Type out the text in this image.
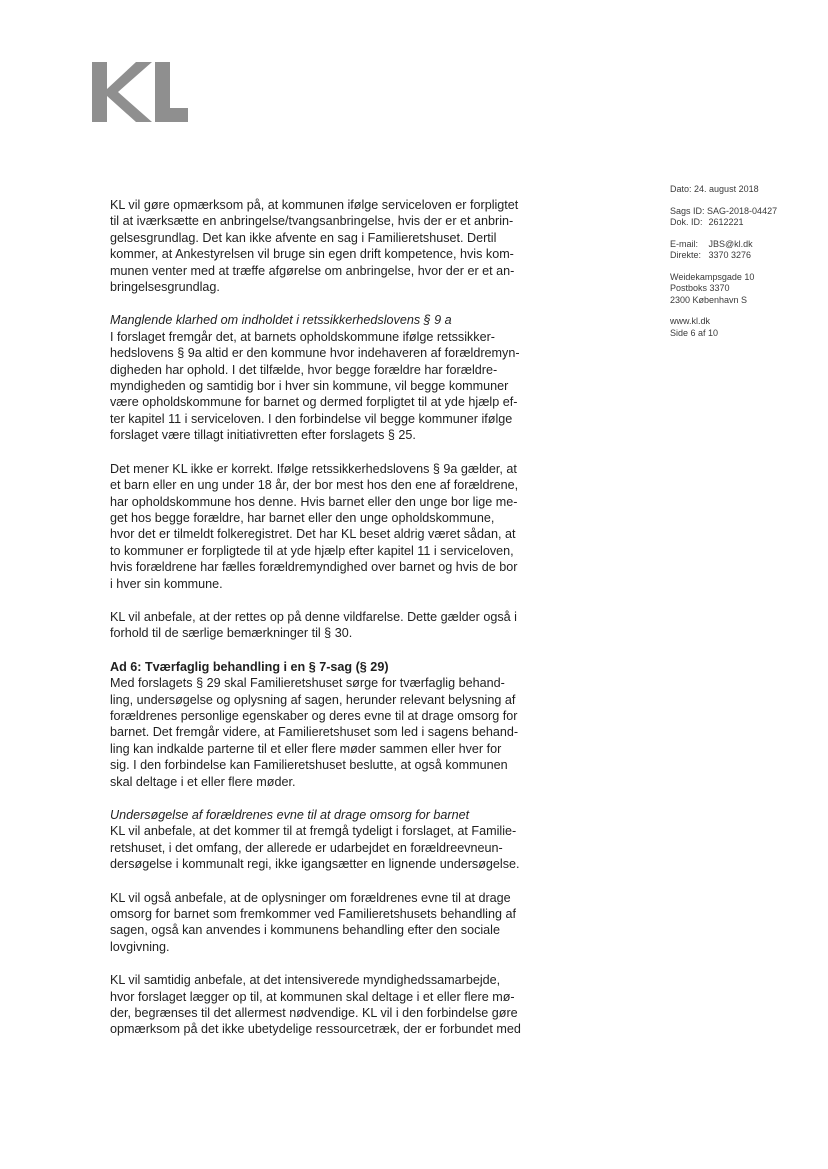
Dato: 24. august 2018
Sags ID: SAG-2018-04427
Dok. ID: 2612221
E-mail: JBS@kl.dk
Direkte: 3370 3276
Weidekampsgade 10
Postboks 3370
2300 København S
www.kl.dk
Side 6 af 10

KL vil gøre opmærksom på, at kommunen ifølge serviceloven er forpligtet
til at iværksætte en anbringelse/tvangsanbringelse, hvis der er et anbrin-
gelsesgrundlag. Det kan ikke afvente en sag i Familieretshuset. Dertil
kommer, at Ankestyrelsen vil bruge sin egen drift kompetence, hvis kom-
munen venter med at træffe afgørelse om anbringelse, hvor der er et an-
bringelsesgrundlag.

Manglende klarhed om indholdet i retssikkerhedslovens § 9 a

I forslaget fremgår det, at barnets opholdskommune ifølge retssikker-
hedslovens § 9a altid er den kommune hvor indehaveren af forældremyn-
digheden har ophold. I det tilfælde, hvor begge forældre har forældre-
myndigheden og samtidig bor i hver sin kommune, vil begge kommuner
være opholdskommune for barnet og dermed forpligtet til at yde hjælp ef-
ter kapitel 11 i serviceloven. I den forbindelse vil begge kommuner ifølge
forslaget være tillagt initiativretten efter forslagets § 25.

Det mener KL ikke er korrekt. Ifølge retssikkerhedslovens § 9a gælder, at
et barn eller en ung under 18 år, der bor mest hos den ene af forældrene,
har opholdskommune hos denne. Hvis barnet eller den unge bor lige me-
get hos begge forældre, har barnet eller den unge opholdskommune,
hvor det er tilmeldt folkeregistret. Det har KL beset aldrig været sådan, at
to kommuner er forpligtede til at yde hjælp efter kapitel 11 i serviceloven,
hvis forældrene har fælles forældremyndighed over barnet og hvis de bor
i hver sin kommune.

KL vil anbefale, at der rettes op på denne vildfarelse. Dette gælder også i
forhold til de særlige bemærkninger til § 30.

Ad 6: Tværfaglig behandling i en § 7-sag (§ 29)

Med forslagets § 29 skal Familieretshuset sørge for tværfaglig behand-
ling, undersøgelse og oplysning af sagen, herunder relevant belysning af
forældrenes personlige egenskaber og deres evne til at drage omsorg for
barnet. Det fremgår videre, at Familieretshuset som led i sagens behand-
ling kan indkalde parterne til et eller flere møder sammen eller hver for
sig. I den forbindelse kan Familieretshuset beslutte, at også kommunen
skal deltage i et eller flere møder.

Undersøgelse af forældrenes evne til at drage omsorg for barnet

KL vil anbefale, at det kommer til at fremgå tydeligt i forslaget, at Familie-
retshuset, i det omfang, der allerede er udarbejdet en forældreevneun-
dersøgelse i kommunalt regi, ikke igangsætter en lignende undersøgelse.

KL vil også anbefale, at de oplysninger om forældrenes evne til at drage
omsorg for barnet som fremkommer ved Familieretshusets behandling af
sagen, også kan anvendes i kommunens behandling efter den sociale
lovgivning.

KL vil samtidig anbefale, at det intensiverede myndighedssamarbejde,
hvor forslaget lægger op til, at kommunen skal deltage i et eller flere mø-
der, begrænses til det allermest nødvendige. KL vil i den forbindelse gøre
opmærksom på det ikke ubetydelige ressourcetræk, der er forbundet med
